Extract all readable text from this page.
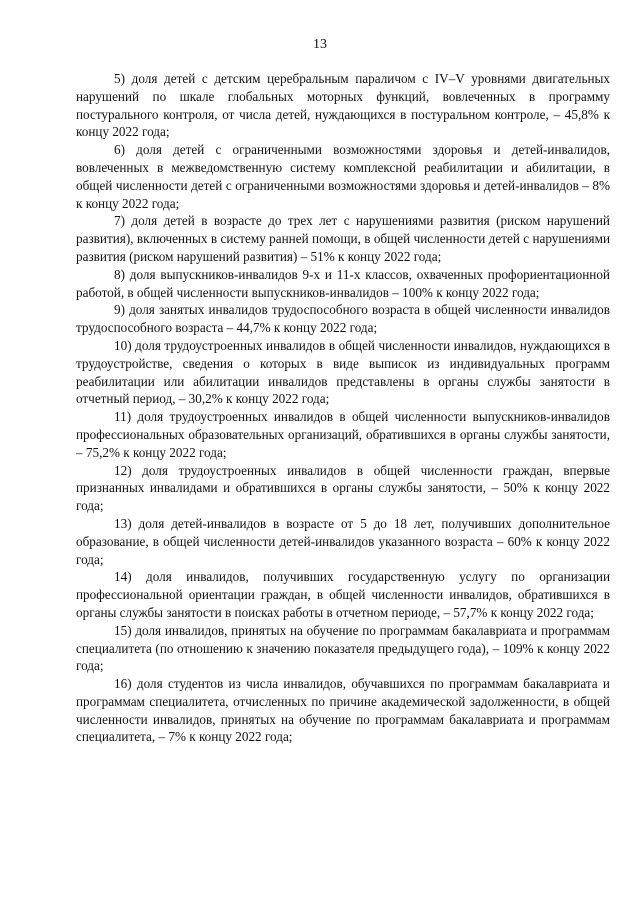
13

5) доля детей с детским церебральным параличом с IV–V уровнями двигательных нарушений по шкале глобальных моторных функций, вовлеченных в программу постурального контроля, от числа детей, нуждающихся в постуральном контроле, – 45,8% к концу 2022 года;

6) доля детей с ограниченными возможностями здоровья и детей-инвалидов, вовлеченных в межведомственную систему комплексной реабилитации и абилитации, в общей численности детей с ограниченными возможностями здоровья и детей-инвалидов – 8% к концу 2022 года;

7) доля детей в возрасте до трех лет с нарушениями развития (риском нарушений развития), включенных в систему ранней помощи, в общей численности детей с нарушениями развития (риском нарушений развития) – 51% к концу 2022 года;

8) доля выпускников-инвалидов 9-х и 11-х классов, охваченных профориентационной работой, в общей численности выпускников-инвалидов – 100% к концу 2022 года;

9) доля занятых инвалидов трудоспособного возраста в общей численности инвалидов трудоспособного возраста – 44,7% к концу 2022 года;

10) доля трудоустроенных инвалидов в общей численности инвалидов, нуждающихся в трудоустройстве, сведения о которых в виде выписок из индивидуальных программ реабилитации или абилитации инвалидов представлены в органы службы занятости в отчетный период, – 30,2% к концу 2022 года;

11) доля трудоустроенных инвалидов в общей численности выпускников-инвалидов профессиональных образовательных организаций, обратившихся в органы службы занятости, – 75,2% к концу 2022 года;

12) доля трудоустроенных инвалидов в общей численности граждан, впервые признанных инвалидами и обратившихся в органы службы занятости, – 50% к концу 2022 года;

13) доля детей-инвалидов в возрасте от 5 до 18 лет, получивших дополнительное образование, в общей численности детей-инвалидов указанного возраста – 60% к концу 2022 года;

14) доля инвалидов, получивших государственную услугу по организации профессиональной ориентации граждан, в общей численности инвалидов, обратившихся в органы службы занятости в поисках работы в отчетном периоде, – 57,7% к концу 2022 года;

15) доля инвалидов, принятых на обучение по программам бакалавриата и программам специалитета (по отношению к значению показателя предыдущего года), – 109% к концу 2022 года;

16) доля студентов из числа инвалидов, обучавшихся по программам бакалавриата и программам специалитета, отчисленных по причине академической задолженности, в общей численности инвалидов, принятых на обучение по программам бакалавриата и программам специалитета, – 7% к концу 2022 года;
